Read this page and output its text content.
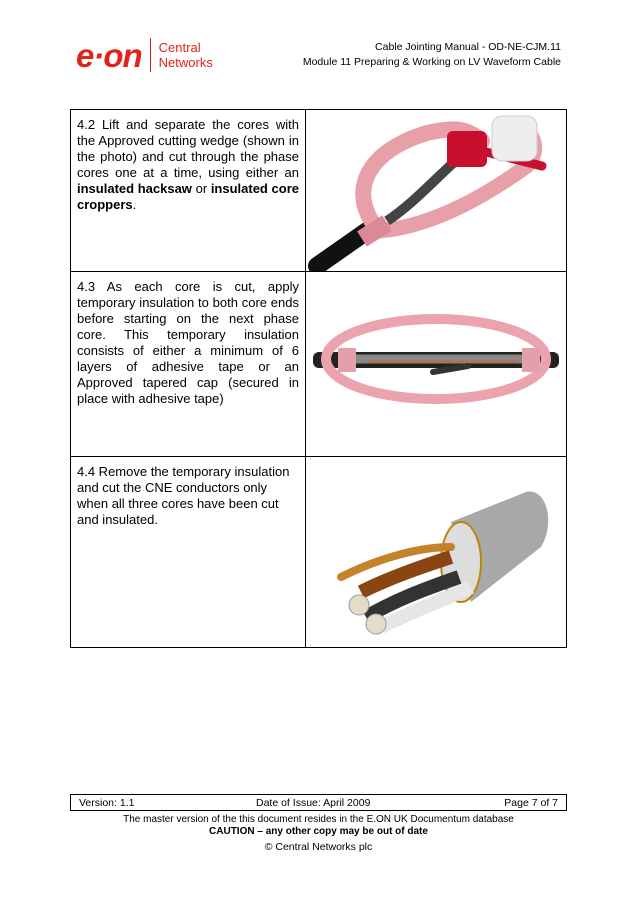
e·on Central
Networks
Cable Jointing Manual - OD-NE-CJM.11
Module 11 Preparing & Working on LV Waveform Cable
4.2 Lift and separate the cores with the Approved cutting wedge (shown in the photo) and cut through the phase cores one at a time, using either an insulated hacksaw or insulated core croppers.
4.3 As each core is cut, apply temporary insulation to both core ends before starting on the next phase core. This temporary insulation consists of either a minimum of 6 layers of adhesive tape or an Approved tapered cap (secured in place with adhesive tape)
4.4 Remove the temporary insulation and cut the CNE conductors only when all three cores have been cut and insulated.
Version: 1.1	Date of Issue: April 2009	Page 7 of 7
The master version of the this document resides in the E.ON UK Documentum database
CAUTION – any other copy may be out of date
© Central Networks plc
